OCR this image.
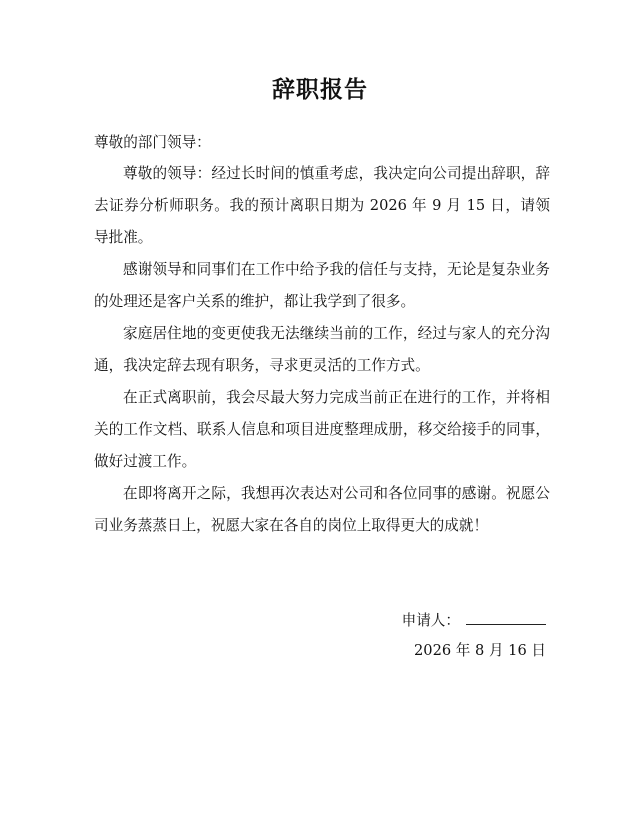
辞职报告
尊敬的部门领导：
尊敬的领导：经过长时间的慎重考虑，我决定向公司提出辞职，辞去证券分析师职务。我的预计离职日期为 2026 年 9 月 15 日，请领导批准。
感谢领导和同事们在工作中给予我的信任与支持，无论是复杂业务的处理还是客户关系的维护，都让我学到了很多。
家庭居住地的变更使我无法继续当前的工作，经过与家人的充分沟通，我决定辞去现有职务，寻求更灵活的工作方式。
在正式离职前，我会尽最大努力完成当前正在进行的工作，并将相关的工作文档、联系人信息和项目进度整理成册，移交给接手的同事，做好过渡工作。
在即将离开之际，我想再次表达对公司和各位同事的感谢。祝愿公司业务蒸蒸日上，祝愿大家在各自的岗位上取得更大的成就！
申请人：
2026 年 8 月 16 日
